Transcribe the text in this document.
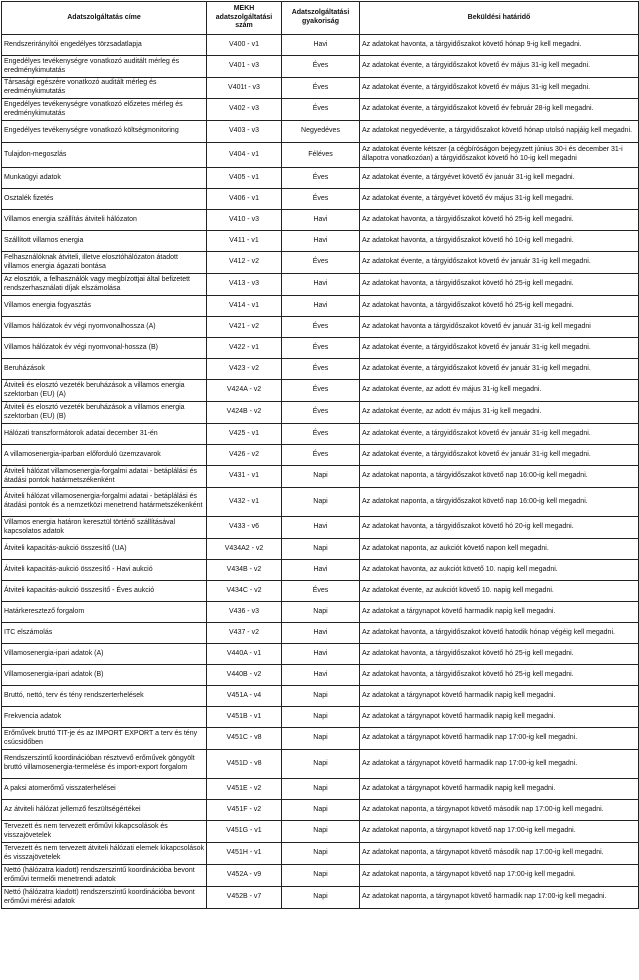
Adatszolgáltatás címe	MEKH adatszolgáltatási szám	Adatszolgáltatási gyakoriság	Beküldési határidő
Rendszerirányítói engedélyes törzsadatlapja	V400 - v1	Havi	Az adatokat havonta, a tárgyidőszakot követő hónap 9-ig kell megadni.
Engedélyes tevékenységre vonatkozó auditált mérleg és eredménykimutatás	V401 - v3	Éves	Az adatokat évente, a tárgyidőszakot követő év május 31-ig kell megadni.
Társasági egészére vonatkozó auditált mérleg és eredménykimutatás	V401t - v3	Éves	Az adatokat évente, a tárgyidőszakot követő év május 31-ig kell megadni.
Engedélyes tevékenységre vonatkozó előzetes mérleg és eredménykimutatás	V402 - v3	Éves	Az adatokat évente, a tárgyidőszakot követő év február 28-ig kell megadni.
Engedélyes tevékenységre vonatkozó költségmonitoring	V403 - v3	Negyedéves	Az adatokat negyedévente, a tárgyidőszakot követő hónap utolsó napjáig kell megadni.
Tulajdon-megoszlás	V404 - v1	Féléves	Az adatokat évente kétszer (a cégbíróságon bejegyzett június 30-i és december 31-i állapotra vonatkozóan) a tárgyidőszakot követő hó 10-ig kell megadni
Munkaügyi adatok	V405 - v1	Éves	Az adatokat évente, a tárgyévet követő év január 31-ig kell megadni.
Osztalék fizetés	V406 - v1	Éves	Az adatokat évente, a tárgyévet követő év május 31-ig kell megadni.
Villamos energia szállítás átviteli hálózaton	V410 - v3	Havi	Az adatokat havonta, a tárgyidőszakot követő hó 25-ig kell megadni.
Szállított villamos energia	V411 - v1	Havi	Az adatokat havonta, a tárgyidőszakot követő hó 10-ig kell megadni.
Felhasználóknak átviteli, illetve elosztóhálózaton átadott villamos energia ágazati bontása	V412 - v2	Éves	Az adatokat évente, a tárgyidőszakot követő év január 31-ig kell megadni.
Az elosztók, a felhasználók vagy megbízottjai által befizetett rendszerhasználati díjak elszámolása	V413 - v3	Havi	Az adatokat havonta, a tárgyidőszakot követő hó 25-ig kell megadni.
Villamos energia fogyasztás	V414 - v1	Havi	Az adatokat havonta, a tárgyidőszakot követő hó 25-ig kell megadni.
Villamos hálózatok év végi nyomvonalhossza (A)	V421 - v2	Éves	Az adatokat havonta a tárgyidőszakot követő év január 31-ig kell megadni
Villamos hálózatok év végi nyomvonal-hossza (B)	V422 - v1	Éves	Az adatokat évente, a tárgyidőszakot követő év január 31-ig kell megadni.
Beruházások	V423 - v2	Éves	Az adatokat évente, a tárgyidőszakot követő év január 31-ig kell megadni.
Átviteli és elosztó vezeték beruházások a villamos energia szektorban (EU) (A)	V424A - v2	Éves	Az adatokat évente, az adott év május 31-ig kell megadni.
Átviteli és elosztó vezeték beruházások a villamos energia szektorban (EU) (B)	V424B - v2	Éves	Az adatokat évente, az adott év május 31-ig kell megadni.
Hálózati transzformátorok adatai december 31-én	V425 - v1	Éves	Az adatokat évente, a tárgyidőszakot követő év január 31-ig kell megadni.
A villamosenergia-iparban előforduló üzemzavarok	V426 - v2	Éves	Az adatokat évente, a tárgyidőszakot követő év január 31-ig kell megadni.
Átviteli hálózat villamosenergia-forgalmi adatai - betáplálási és átadási pontok határmetszékenként	V431 - v1	Napi	Az adatokat naponta, a tárgyidőszakot követő nap 16:00-ig kell megadni.
Átviteli hálózat villamosenergia-forgalmi adatai - betáplálási és átadási pontok és a nemzetközi menetrend határmetszékenként	V432 - v1	Napi	Az adatokat naponta, a tárgyidőszakot követő nap 16:00-ig kell megadni.
Villamos energia határon keresztül történő szállításával kapcsolatos adatok	V433 - v6	Havi	Az adatokat havonta, a tárgyidőszakot követő hó 20-ig kell megadni.
Átviteli kapacitás-aukció összesítő (UA)	V434A2 - v2	Napi	Az adatokat naponta, az aukciót követő napon kell megadni.
Átviteli kapacitás-aukció összesítő - Havi aukció	V434B - v2	Havi	Az adatokat havonta, az aukciót követő 10. napig kell megadni.
Átviteli kapacitás-aukció összesítő - Éves aukció	V434C - v2	Éves	Az adatokat évente, az aukciót követő 10. napig kell megadni.
Határkeresztező forgalom	V436 - v3	Napi	Az adatokat a tárgynapot követő harmadik napig kell megadni.
ITC elszámolás	V437 - v2	Havi	Az adatokat havonta, a tárgyidőszakot követő hatodik hónap végéig kell megadni.
Villamosenergia-ipari adatok (A)	V440A - v1	Havi	Az adatokat havonta, a tárgyidőszakot követő hó 25-ig kell megadni.
Villamosenergia-ipari adatok (B)	V440B - v2	Havi	Az adatokat havonta, a tárgyidőszakot követő hó 25-ig kell megadni.
Bruttó, nettó, terv és tény rendszerterhelések	V451A - v4	Napi	Az adatokat a tárgynapot követő harmadik napig kell megadni.
Frekvencia adatok	V451B - v1	Napi	Az adatokat a tárgynapot követő harmadik napig kell megadni.
Erőművek bruttó TIT-je és az IMPORT EXPORT a terv és tény csúcsidőben	V451C - v8	Napi	Az adatokat a tárgynapot követő harmadik nap 17:00-ig kell megadni.
Rendszerszintű koordinációban résztvevő erőművek göngyölt bruttó villamosenergia-termelése és import-export forgalom	V451D - v8	Napi	Az adatokat a tárgynapot követő harmadik nap 17:00-ig kell megadni.
A paksi atomerőmű visszaterhelései	V451E - v2	Napi	Az adatokat a tárgynapot követő harmadik napig kell megadni.
Az átviteli hálózat jellemző feszültségértékei	V451F - v2	Napi	Az adatokat naponta, a tárgynapot követő második nap 17:00-ig kell megadni.
Tervezett és nem tervezett erőművi kikapcsolások és visszajövetelek	V451G - v1	Napi	Az adatokat naponta, a tárgynapot követő nap 17:00-ig kell megadni.
Tervezett és nem tervezett átviteli hálózati elemek kikapcsolások és visszajövetelek	V451H - v1	Napi	Az adatokat naponta, a tárgynapot követő második nap 17:00-ig kell megadni.
Nettó (hálózatra kiadott) rendszerszintű koordinációba bevont erőművi termelői menetrendi adatok	V452A - v9	Napi	Az adatokat naponta, a tárgynapot követő nap 17:00-ig kell megadni.
Nettó (hálózatra kiadott) rendszerszintű koordinációba bevont erőművi mérési adatok	V452B - v7	Napi	Az adatokat naponta, a tárgynapot követő harmadik nap 17:00-ig kell megadni.
